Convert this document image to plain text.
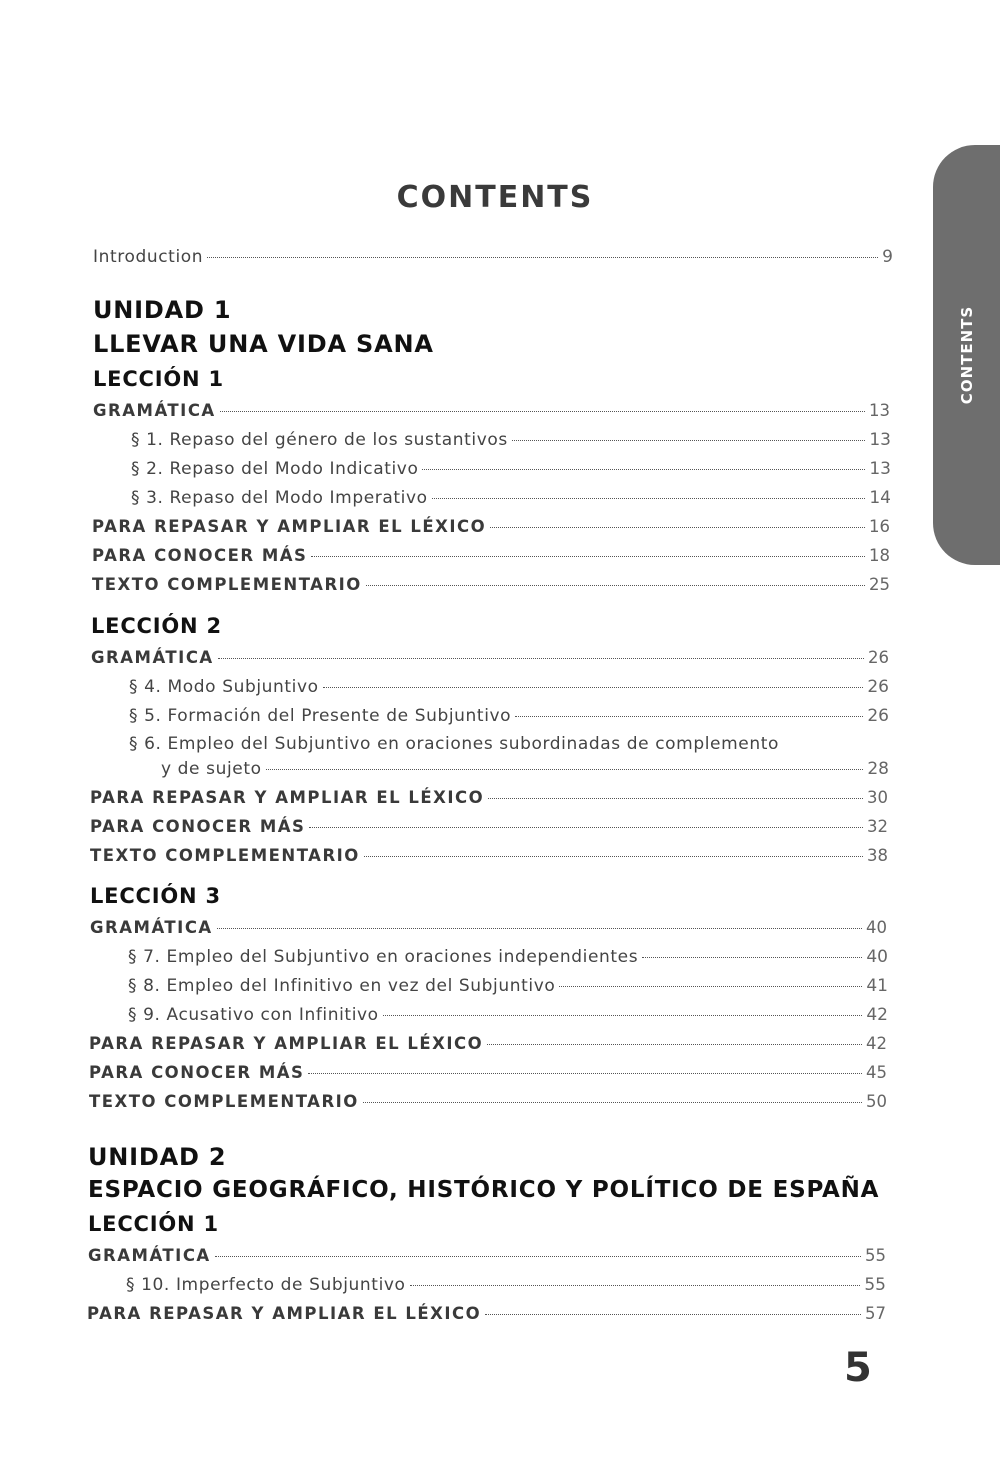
CONTENTS
Introduction	9
UNIDAD 1
LLEVAR UNA VIDA SANA
LECCIÓN 1
GRAMÁTICA	13
§ 1. Repaso del género de los sustantivos	13
§ 2. Repaso del Modo Indicativo	13
§ 3. Repaso del Modo Imperativo	14
PARA REPASAR Y AMPLIAR EL LÉXICO	16
PARA CONOCER MÁS	18
TEXTO COMPLEMENTARIO	25
LECCIÓN 2
GRAMÁTICA	26
§ 4. Modo Subjuntivo	26
§ 5. Formación del Presente de Subjuntivo	26
§ 6. Empleo del Subjuntivo en oraciones subordinadas de complemento
y de sujeto	28
PARA REPASAR Y AMPLIAR EL LÉXICO	30
PARA CONOCER MÁS	32
TEXTO COMPLEMENTARIO	38
LECCIÓN 3
GRAMÁTICA	40
§ 7. Empleo del Subjuntivo en oraciones independientes	40
§ 8. Empleo del Infinitivo en vez del Subjuntivo	41
§ 9. Acusativo con Infinitivo	42
PARA REPASAR Y AMPLIAR EL LÉXICO	42
PARA CONOCER MÁS	45
TEXTO COMPLEMENTARIO	50
UNIDAD 2
ESPACIO GEOGRÁFICO, HISTÓRICO Y POLÍTICO DE ESPAÑA
LECCIÓN 1
GRAMÁTICA	55
§ 10. Imperfecto de Subjuntivo	55
PARA REPASAR Y AMPLIAR EL LÉXICO	57
CONTENTS
5
